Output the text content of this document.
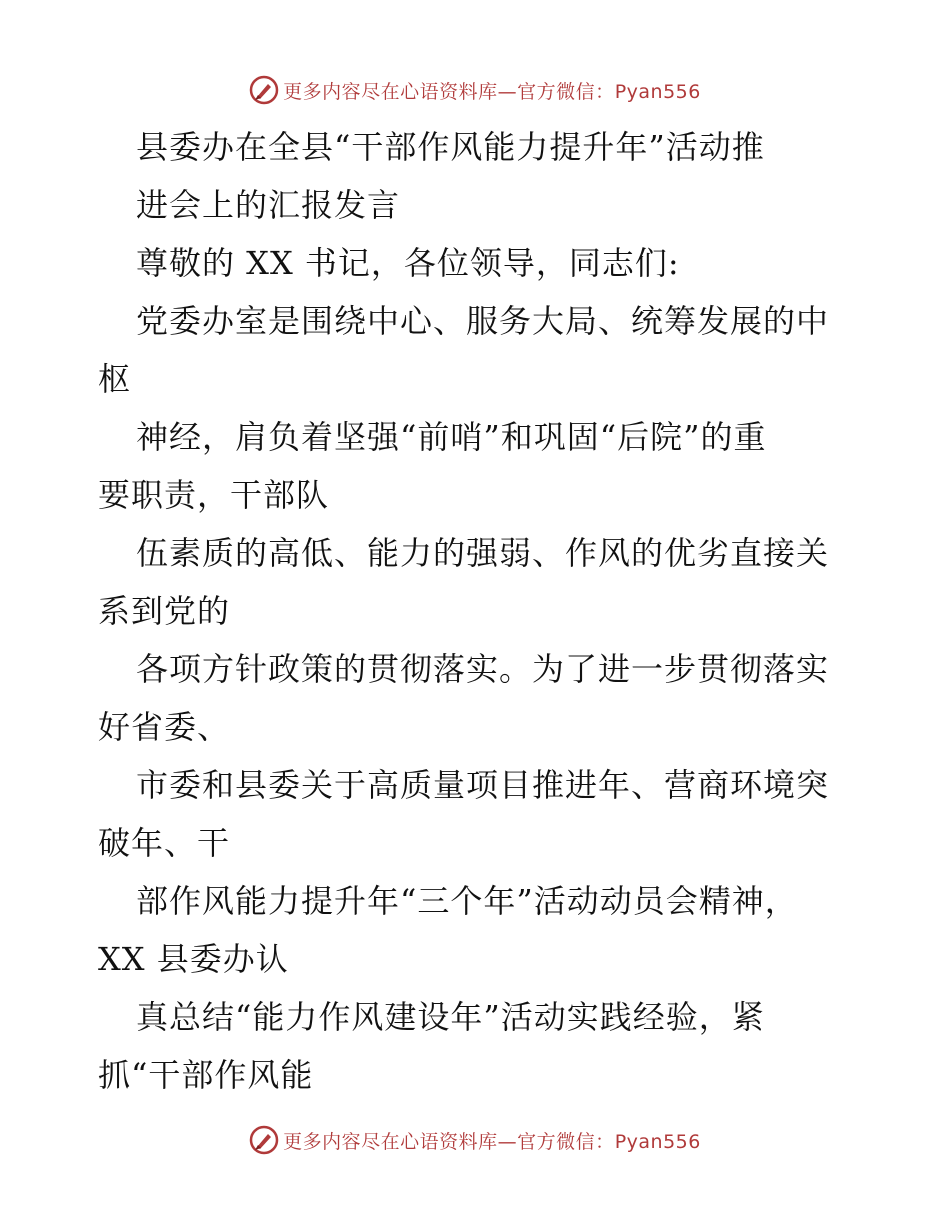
更多内容尽在心语资料库—官方微信：Pyan556
县委办在全县“干部作风能力提升年”活动推
进会上的汇报发言
尊敬的 XX 书记，各位领导，同志们:
党委办室是围绕中心、服务大局、统筹发展的中
枢
神经，肩负着坚强“前哨”和巩固“后院”的重
要职责，干部队
伍素质的高低、能力的强弱、作风的优劣直接关
系到党的
各项方针政策的贯彻落实。为了进一步贯彻落实
好省委、
市委和县委关于高质量项目推进年、营商环境突
破年、干
部作风能力提升年“三个年”活动动员会精神，
XX 县委办认
真总结“能力作风建设年”活动实践经验，紧
抓“干部作风能
更多内容尽在心语资料库—官方微信：Pyan556
